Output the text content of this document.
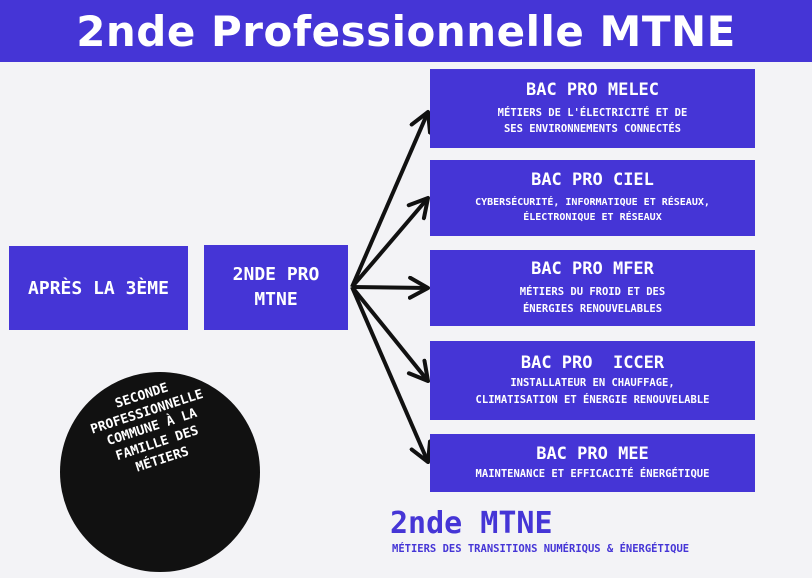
2nde Professionnelle MTNE
APRÈS LA 3ÈME
2NDE PRO
MTNE
BAC PRO MELEC
MÉTIERS DE L'ÉLECTRICITÉ ET DE
SES ENVIRONNEMENTS CONNECTÉS
BAC PRO CIEL
CYBERSÉCURITÉ, INFORMATIQUE ET RÉSEAUX,
ÉLECTRONIQUE ET RÉSEAUX
BAC PRO MFER
MÉTIERS DU FROID ET DES
ÉNERGIES RENOUVELABLES
BAC PRO  ICCER
INSTALLATEUR EN CHAUFFAGE,
CLIMATISATION ET ÉNERGIE RENOUVELABLE
BAC PRO MEE
MAINTENANCE ET EFFICACITÉ ÉNERGÉTIQUE
SECONDE
PROFESSIONNELLE
COMMUNE À LA
FAMILLE DES
MÉTIERS
2nde MTNE
MÉTIERS DES TRANSITIONS NUMÉRIQUS & ÉNERGÉTIQUE
